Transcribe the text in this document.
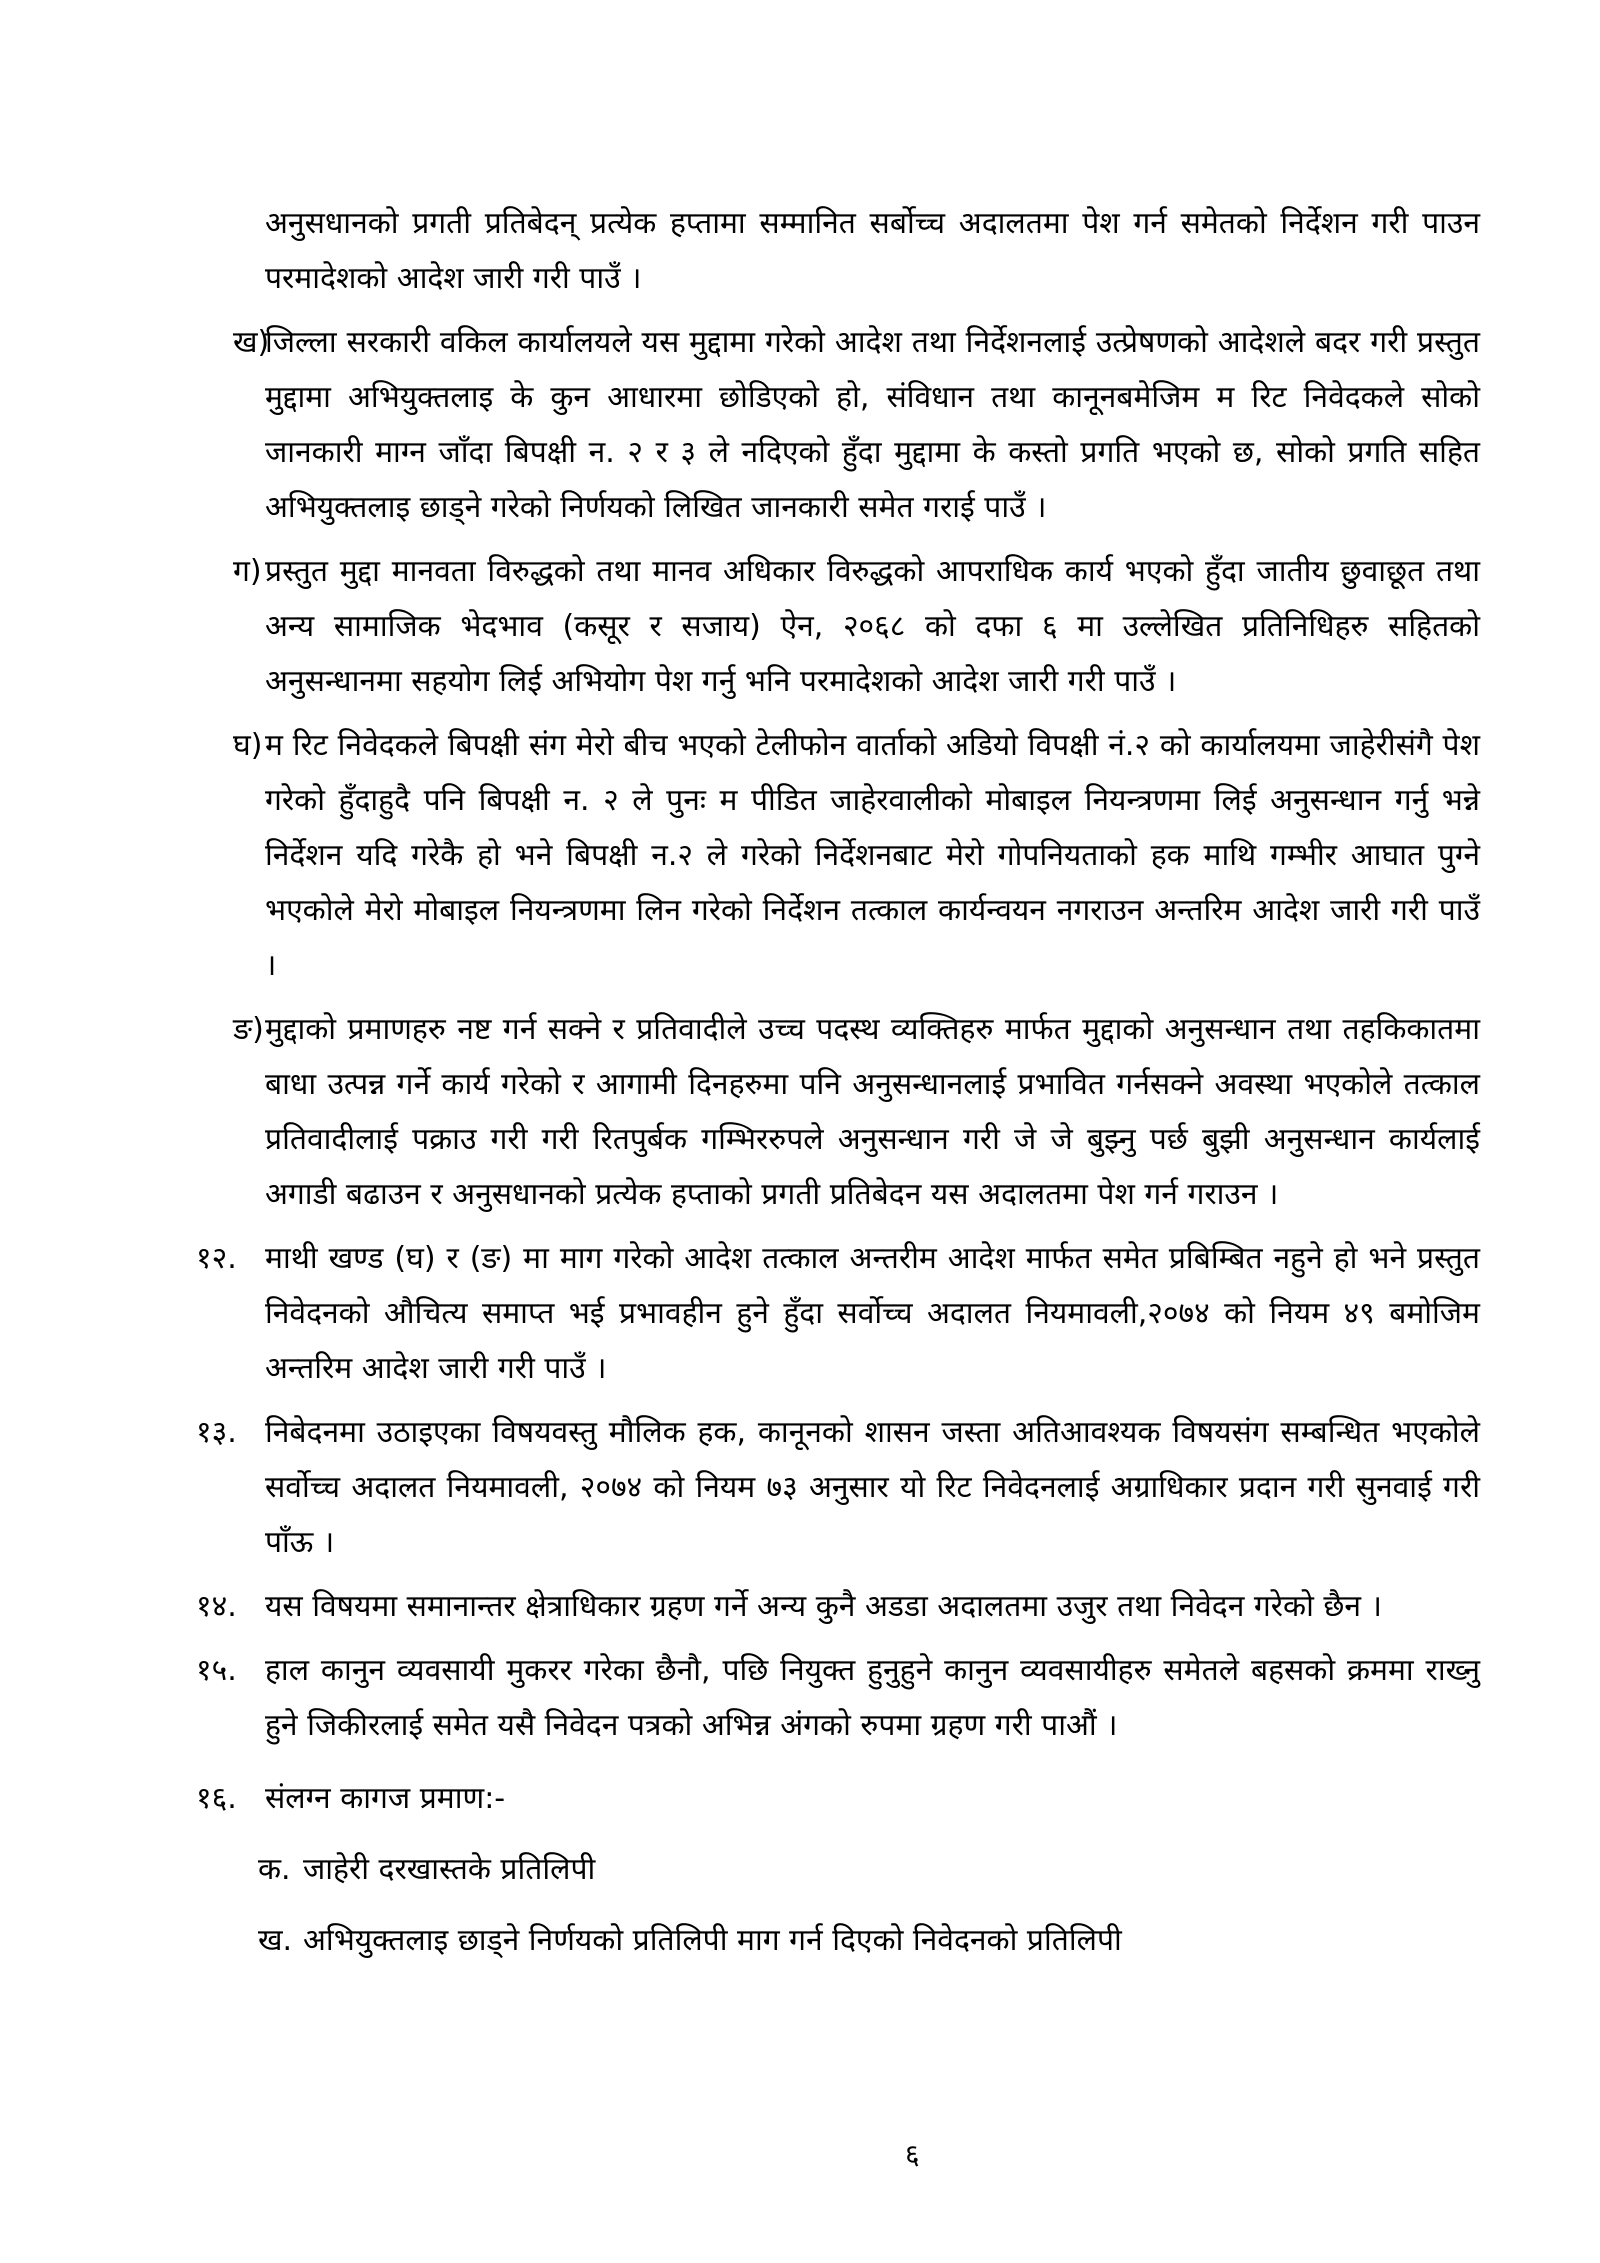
अनुसधानको प्रगती प्रतिबेदन् प्रत्येक हप्तामा सम्मानित सर्बोच्च अदालतमा पेश गर्न समेतको निर्देशन गरी पाउन परमादेशको आदेश जारी गरी पाउँ ।
ख)
जिल्ला सरकारी वकिल कार्यालयले यस मुद्दामा गरेको आदेश तथा निर्देशनलाई उत्प्रेषणको आदेशले बदर गरी प्रस्तुत मुद्दामा अभियुक्तलाइ के कुन आधारमा छोडिएको हो, संविधान तथा कानूनबमेजिम म रिट निवेदकले सोको जानकारी माग्न जाँदा बिपक्षी न. २ र ३ ले नदिएको हुँदा मुद्दामा के कस्तो प्रगति भएको छ, सोको प्रगति सहित अभियुक्तलाइ छाड्ने गरेको निर्णयको लिखित जानकारी समेत गराई पाउँ ।
ग) प्रस्तुत मुद्दा मानवता विरुद्धको तथा मानव अधिकार विरुद्धको आपराधिक कार्य भएको हुँदा जातीय छुवाछूत तथा अन्य सामाजिक भेदभाव (कसूर र सजाय) ऐन, २०६८ को दफा ६ मा उल्लेखित प्रतिनिधिहरु सहितको अनुसन्धानमा सहयोग लिई अभियोग पेश गर्नु भनि परमादेशको आदेश जारी गरी पाउँ ।
घ) म रिट निवेदकले बिपक्षी संग मेरो बीच भएको टेलीफोन वार्ताको अडियो विपक्षी नं.२ को कार्यालयमा जाहेरीसंगै पेश गरेको हुँदाहुदै पनि बिपक्षी न. २ ले पुनः म पीडित जाहेरवालीको मोबाइल नियन्त्रणमा लिई अनुसन्धान गर्नु भन्ने निर्देशन यदि गरेकै हो भने बिपक्षी न.२ ले गरेको निर्देशनबाट मेरो गोपनियताको हक माथि गम्भीर आघात पुग्ने भएकोले मेरो मोबाइल नियन्त्रणमा लिन गरेको निर्देशन तत्काल कार्यन्वयन नगराउन अन्तरिम आदेश जारी गरी पाउँ ।
ङ) मुद्दाको प्रमाणहरु नष्ट गर्न सक्ने र प्रतिवादीले उच्च पदस्थ व्यक्तिहरु मार्फत मुद्दाको अनुसन्धान तथा तहकिकातमा बाधा उत्पन्न गर्ने कार्य गरेको र आगामी दिनहरुमा पनि अनुसन्धानलाई प्रभावित गर्नसक्ने अवस्था भएकोले तत्काल प्रतिवादीलाई पक्राउ गरी गरी रितपुर्बक गम्भिररुपले अनुसन्धान गरी जे जे बुझ्नु पर्छ बुझी अनुसन्धान कार्यलाई अगाडी बढाउन र अनुसधानको प्रत्येक हप्ताको प्रगती प्रतिबेदन यस अदालतमा पेश गर्न गराउन ।
१२. माथी खण्ड (घ) र (ङ) मा माग गरेको आदेश तत्काल अन्तरीम आदेश मार्फत समेत प्रबिम्बित नहुने हो भने प्रस्तुत निवेदनको औचित्य समाप्त भई प्रभावहीन हुने हुँदा सर्वोच्च अदालत नियमावली,२०७४ को नियम ४९ बमोजिम अन्तरिम आदेश जारी गरी पाउँ ।
१३. निबेदनमा उठाइएका विषयवस्तु मौलिक हक, कानूनको शासन जस्ता अतिआवश्यक विषयसंग सम्बन्धित भएकोले सर्वोच्च अदालत नियमावली, २०७४ को नियम ७३ अनुसार यो रिट निवेदनलाई अग्राधिकार प्रदान गरी सुनवाई गरी पाँऊ ।
१४. यस विषयमा समानान्तर क्षेत्राधिकार ग्रहण गर्ने अन्य कुनै अडडा अदालतमा उजुर तथा निवेदन गरेको छैन ।
१५. हाल कानुन व्यवसायी मुकरर गरेका छैनौ, पछि नियुक्त हुनुहुने कानुन व्यवसायीहरु समेतले बहसको क्रममा राख्नु हुने जिकीरलाई समेत यसै निवेदन पत्रको अभिन्न अंगको रुपमा ग्रहण गरी पाऔं ।
१६. संलग्न कागज प्रमाण:-
क. जाहेरी दरखास्तके प्रतिलिपी
ख. अभियुक्तलाइ छाड्ने निर्णयको प्रतिलिपी माग गर्न दिएको निवेदनको प्रतिलिपी
६
